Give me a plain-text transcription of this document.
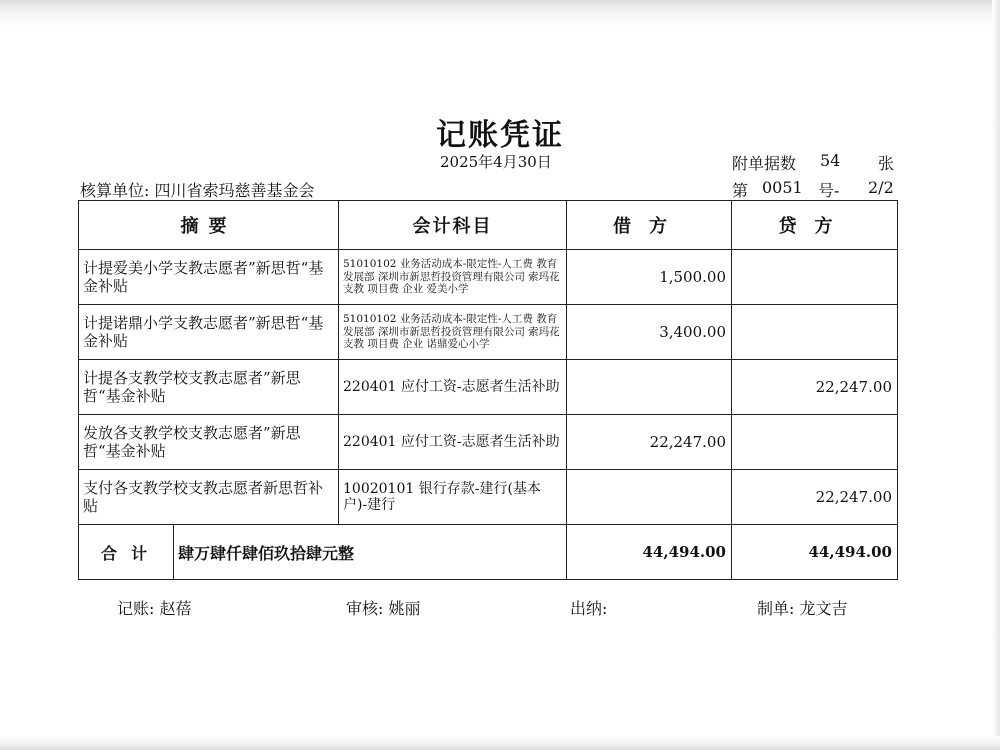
记账凭证
2025年4月30日	附单据数 54 张
核算单位: 四川省索玛慈善基金会	第 0051 号- 2/2
摘要	会计科目	借方	贷方
计提爱美小学支教志愿者”新思哲“基金补贴	51010102 业务活动成本-限定性-人工费 教育发展部 深圳市新思哲投资管理有限公司 索玛花支教 项目费 企业 爱美小学	1,500.00	
计提诺鼎小学支教志愿者”新思哲“基金补贴	51010102 业务活动成本-限定性-人工费 教育发展部 深圳市新思哲投资管理有限公司 索玛花支教 项目费 企业 诺鼎爱心小学	3,400.00	
计提各支教学校支教志愿者”新思哲“基金补贴	220401 应付工资-志愿者生活补助		22,247.00
发放各支教学校支教志愿者”新思哲“基金补贴	220401 应付工资-志愿者生活补助	22,247.00	
支付各支教学校支教志愿者新思哲补贴	10020101 银行存款-建行(基本户)-建行		22,247.00

合计 肆万肆仟肆佰玖拾肆元整		44,494.00	44,494.00
记账: 赵蓓	审核: 姚丽	出纳:	制单: 龙文吉
